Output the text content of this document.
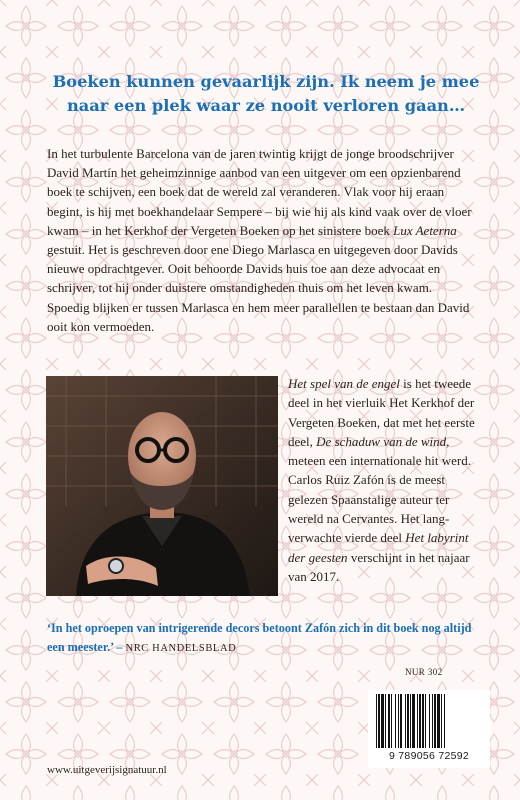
Boeken kunnen gevaarlijk zijn. Ik neem je mee naar een plek waar ze nooit verloren gaan…

In het turbulente Barcelona van de jaren twintig krijgt de jonge broodschrijver David Martín het geheimzinnige aanbod van een uitgever om een opzienbarend boek te schijven, een boek dat de wereld zal veranderen. Vlak voor hij eraan begint, is hij met boekhandelaar Sempere – bij wie hij als kind vaak over de vloer kwam – in het Kerkhof der Vergeten Boeken op het sinistere boek Lux Aeterna gestuit. Het is geschreven door ene Diego Marlasca en uitgegeven door Davids nieuwe opdrachtgever. Ooit behoorde Davids huis toe aan deze advocaat en schrijver, tot hij onder duistere omstandigheden thuis om het leven kwam. Spoedig blijken er tussen Marlasca en hem meer parallellen te bestaan dan David ooit kon vermoeden.

Het spel van de engel is het tweede deel in het vierluik Het Kerkhof der Vergeten Boeken, dat met het eerste deel, De schaduw van de wind, meteen een internationale hit werd. Carlos Ruiz Zafón is de meest gelezen Spaanstalige auteur ter wereld na Cervantes. Het langverwachte vierde deel Het labyrint der geesten verschijnt in het najaar van 2017.

‘In het oproepen van intrigerende decors betoont Zafón zich in dit boek nog altijd een meester.’ – NRC HANDELSBLAD

NUR 302

9 789056 72592

www.uitgeverijsignatuur.nl
